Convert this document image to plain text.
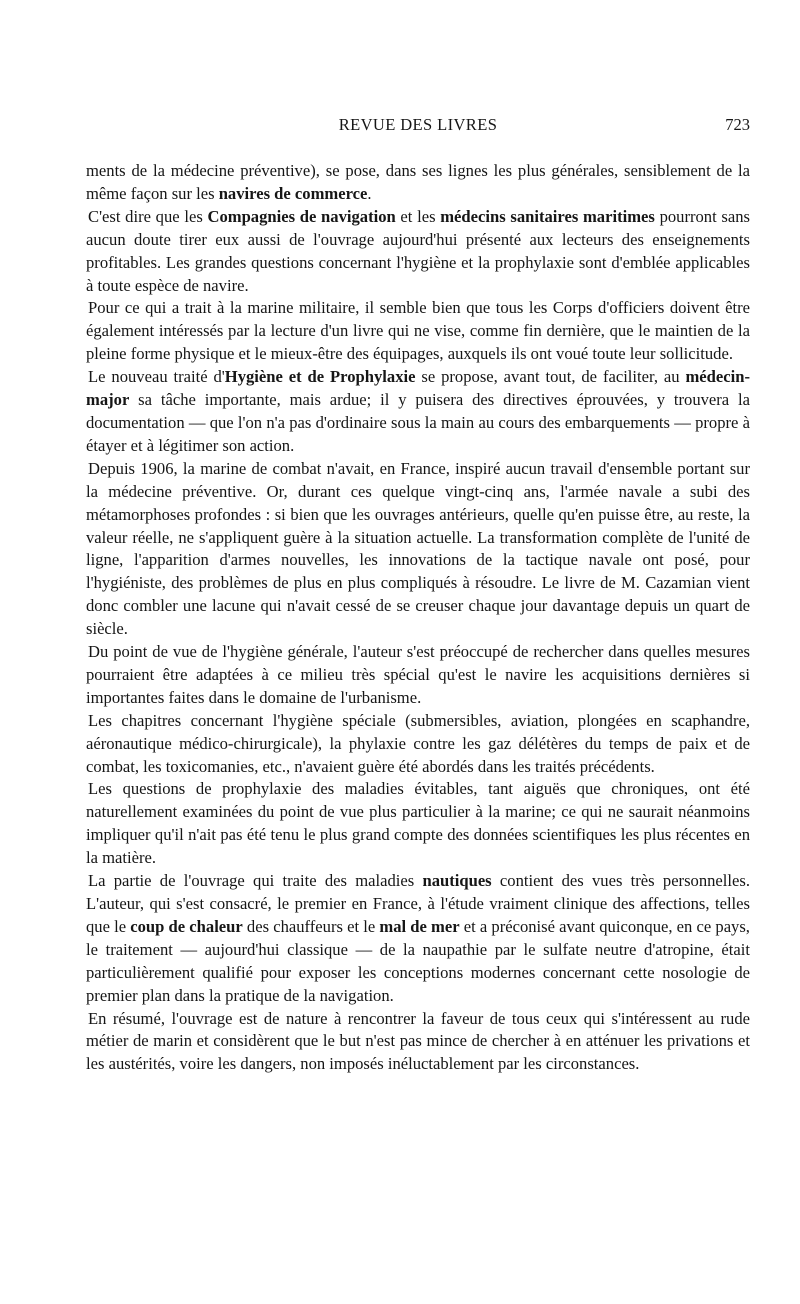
REVUE DES LIVRES	723

ments de la médecine préventive), se pose, dans ses lignes les plus générales, sensiblement de la même façon sur les navires de commerce.

C'est dire que les Compagnies de navigation et les médecins sanitaires maritimes pourront sans aucun doute tirer eux aussi de l'ouvrage aujourd'hui présenté aux lecteurs des enseignements profitables. Les grandes questions concernant l'hygiène et la prophylaxie sont d'emblée applicables à toute espèce de navire.

Pour ce qui a trait à la marine militaire, il semble bien que tous les Corps d'officiers doivent être également intéressés par la lecture d'un livre qui ne vise, comme fin dernière, que le maintien de la pleine forme physique et le mieux-être des équipages, auxquels ils ont voué toute leur sollicitude.

Le nouveau traité d'Hygiène et de Prophylaxie se propose, avant tout, de faciliter, au médecin-major sa tâche importante, mais ardue; il y puisera des directives éprouvées, y trouvera la documentation — que l'on n'a pas d'ordinaire sous la main au cours des embarquements — propre à étayer et à légitimer son action.

Depuis 1906, la marine de combat n'avait, en France, inspiré aucun travail d'ensemble portant sur la médecine préventive. Or, durant ces quelque vingt-cinq ans, l'armée navale a subi des métamorphoses profondes : si bien que les ouvrages antérieurs, quelle qu'en puisse être, au reste, la valeur réelle, ne s'appliquent guère à la situation actuelle. La transformation complète de l'unité de ligne, l'apparition d'armes nouvelles, les innovations de la tactique navale ont posé, pour l'hygiéniste, des problèmes de plus en plus compliqués à résoudre. Le livre de M. Cazamian vient donc combler une lacune qui n'avait cessé de se creuser chaque jour davantage depuis un quart de siècle.

Du point de vue de l'hygiène générale, l'auteur s'est préoccupé de rechercher dans quelles mesures pourraient être adaptées à ce milieu très spécial qu'est le navire les acquisitions dernières si importantes faites dans le domaine de l'urbanisme.

Les chapitres concernant l'hygiène spéciale (submersibles, aviation, plongées en scaphandre, aéronautique médico-chirurgicale), la phylaxie contre les gaz délétères du temps de paix et de combat, les toxicomanies, etc., n'avaient guère été abordés dans les traités précédents.

Les questions de prophylaxie des maladies évitables, tant aiguës que chroniques, ont été naturellement examinées du point de vue plus particulier à la marine; ce qui ne saurait néanmoins impliquer qu'il n'ait pas été tenu le plus grand compte des données scientifiques les plus récentes en la matière.

La partie de l'ouvrage qui traite des maladies nautiques contient des vues très personnelles. L'auteur, qui s'est consacré, le premier en France, à l'étude vraiment clinique des affections, telles que le coup de chaleur des chauffeurs et le mal de mer et a préconisé avant quiconque, en ce pays, le traitement — aujourd'hui classique — de la naupathie par le sulfate neutre d'atropine, était particulièrement qualifié pour exposer les conceptions modernes concernant cette nosologie de premier plan dans la pratique de la navigation.

En résumé, l'ouvrage est de nature à rencontrer la faveur de tous ceux qui s'intéressent au rude métier de marin et considèrent que le but n'est pas mince de chercher à en atténuer les privations et les austérités, voire les dangers, non imposés inéluctablement par les circonstances.
